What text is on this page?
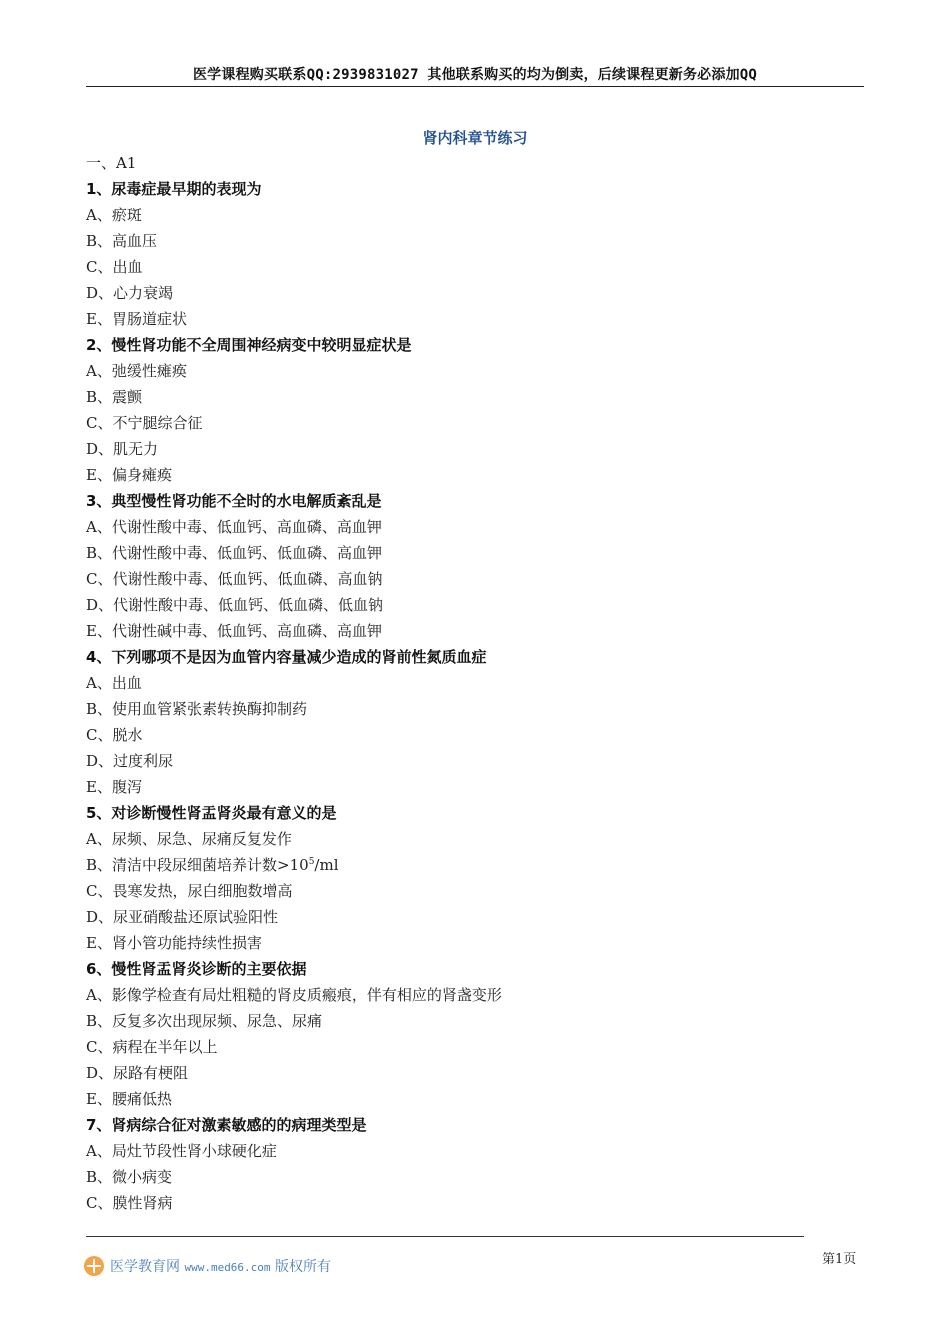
医学课程购买联系QQ:2939831027 其他联系购买的均为倒卖，后续课程更新务必添加QQ
肾内科章节练习
一、A1
1、尿毒症最早期的表现为
A、瘀斑
B、高血压
C、出血
D、心力衰竭
E、胃肠道症状
2、慢性肾功能不全周围神经病变中较明显症状是
A、弛缓性瘫痪
B、震颤
C、不宁腿综合征
D、肌无力
E、偏身瘫痪
3、典型慢性肾功能不全时的水电解质紊乱是
A、代谢性酸中毒、低血钙、高血磷、高血钾
B、代谢性酸中毒、低血钙、低血磷、高血钾
C、代谢性酸中毒、低血钙、低血磷、高血钠
D、代谢性酸中毒、低血钙、低血磷、低血钠
E、代谢性碱中毒、低血钙、高血磷、高血钾
4、下列哪项不是因为血管内容量减少造成的肾前性氮质血症
A、出血
B、使用血管紧张素转换酶抑制药
C、脱水
D、过度利尿
E、腹泻
5、对诊断慢性肾盂肾炎最有意义的是
A、尿频、尿急、尿痛反复发作
B、清洁中段尿细菌培养计数$>10^5/ml$
C、畏寒发热，尿白细胞数增高
D、尿亚硝酸盐还原试验阳性
E、肾小管功能持续性损害
6、慢性肾盂肾炎诊断的主要依据
A、影像学检查有局灶粗糙的肾皮质瘢痕，伴有相应的肾盏变形
B、反复多次出现尿频、尿急、尿痛
C、病程在半年以上
D、尿路有梗阻
E、腰痛低热
7、肾病综合征对激素敏感的的病理类型是
A、局灶节段性肾小球硬化症
B、微小病变
C、膜性肾病
医学教育网 www.med66.com 版权所有	第1页
